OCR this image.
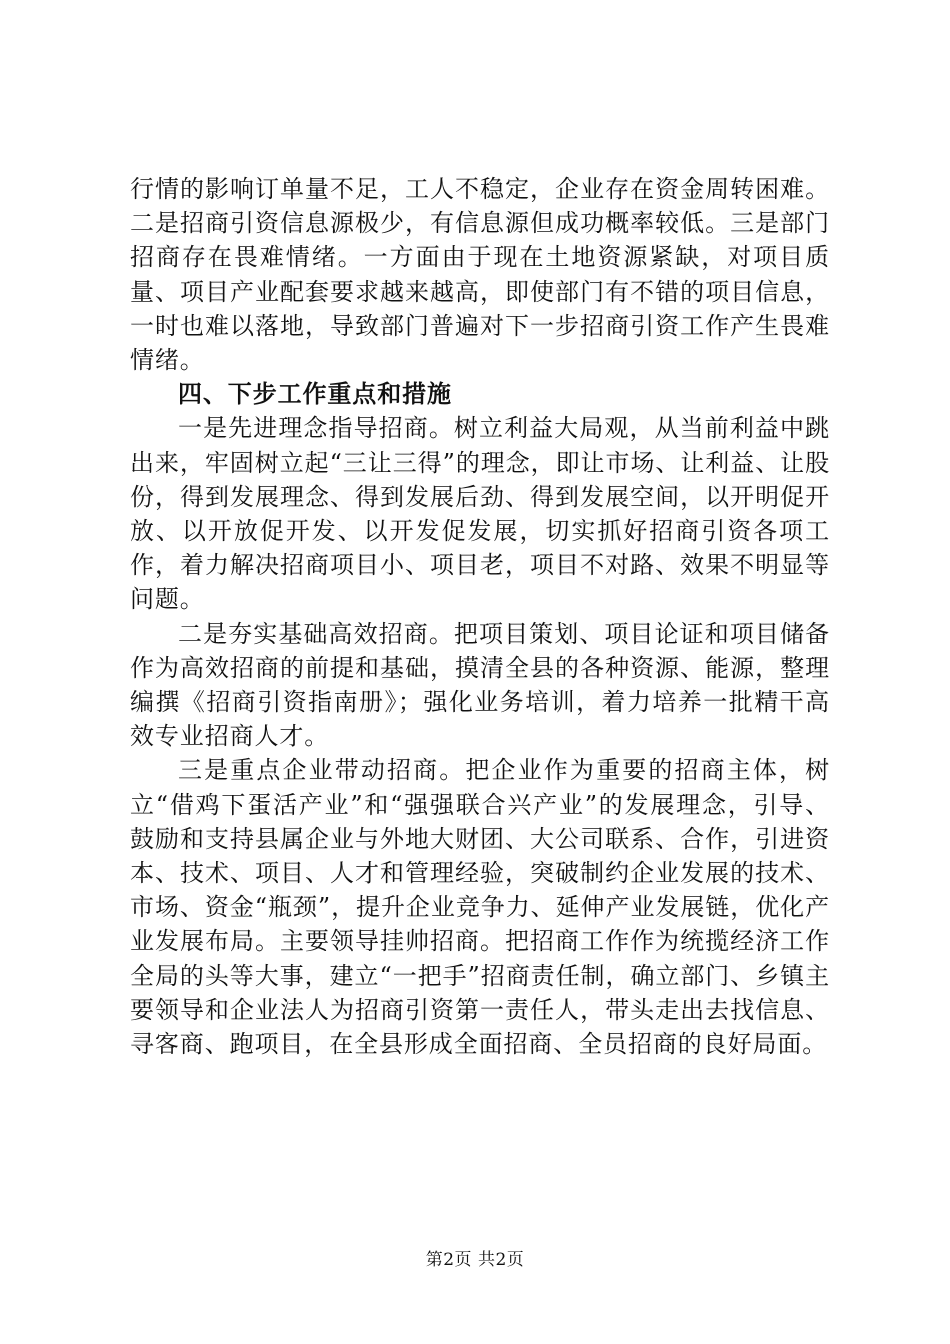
行情的影响订单量不足，工人不稳定，企业存在资金周转困难。二是招商引资信息源极少，有信息源但成功概率较低。三是部门招商存在畏难情绪。一方面由于现在土地资源紧缺，对项目质量、项目产业配套要求越来越高，即使部门有不错的项目信息，一时也难以落地，导致部门普遍对下一步招商引资工作产生畏难情绪。

四、下步工作重点和措施

一是先进理念指导招商。树立利益大局观，从当前利益中跳出来，牢固树立起“三让三得”的理念，即让市场、让利益、让股份，得到发展理念、得到发展后劲、得到发展空间，以开明促开放、以开放促开发、以开发促发展，切实抓好招商引资各项工作，着力解决招商项目小、项目老，项目不对路、效果不明显等问题。

二是夯实基础高效招商。把项目策划、项目论证和项目储备作为高效招商的前提和基础，摸清全县的各种资源、能源，整理编撰《招商引资指南册》；强化业务培训，着力培养一批精干高效专业招商人才。

三是重点企业带动招商。把企业作为重要的招商主体，树立“借鸡下蛋活产业”和“强强联合兴产业”的发展理念，引导、鼓励和支持县属企业与外地大财团、大公司联系、合作，引进资本、技术、项目、人才和管理经验，突破制约企业发展的技术、市场、资金“瓶颈”，提升企业竞争力、延伸产业发展链，优化产业发展布局。主要领导挂帅招商。把招商工作作为统揽经济工作全局的头等大事，建立“一把手”招商责任制，确立部门、乡镇主要领导和企业法人为招商引资第一责任人，带头走出去找信息、寻客商、跑项目，在全县形成全面招商、全员招商的良好局面。

第2页 共2页
